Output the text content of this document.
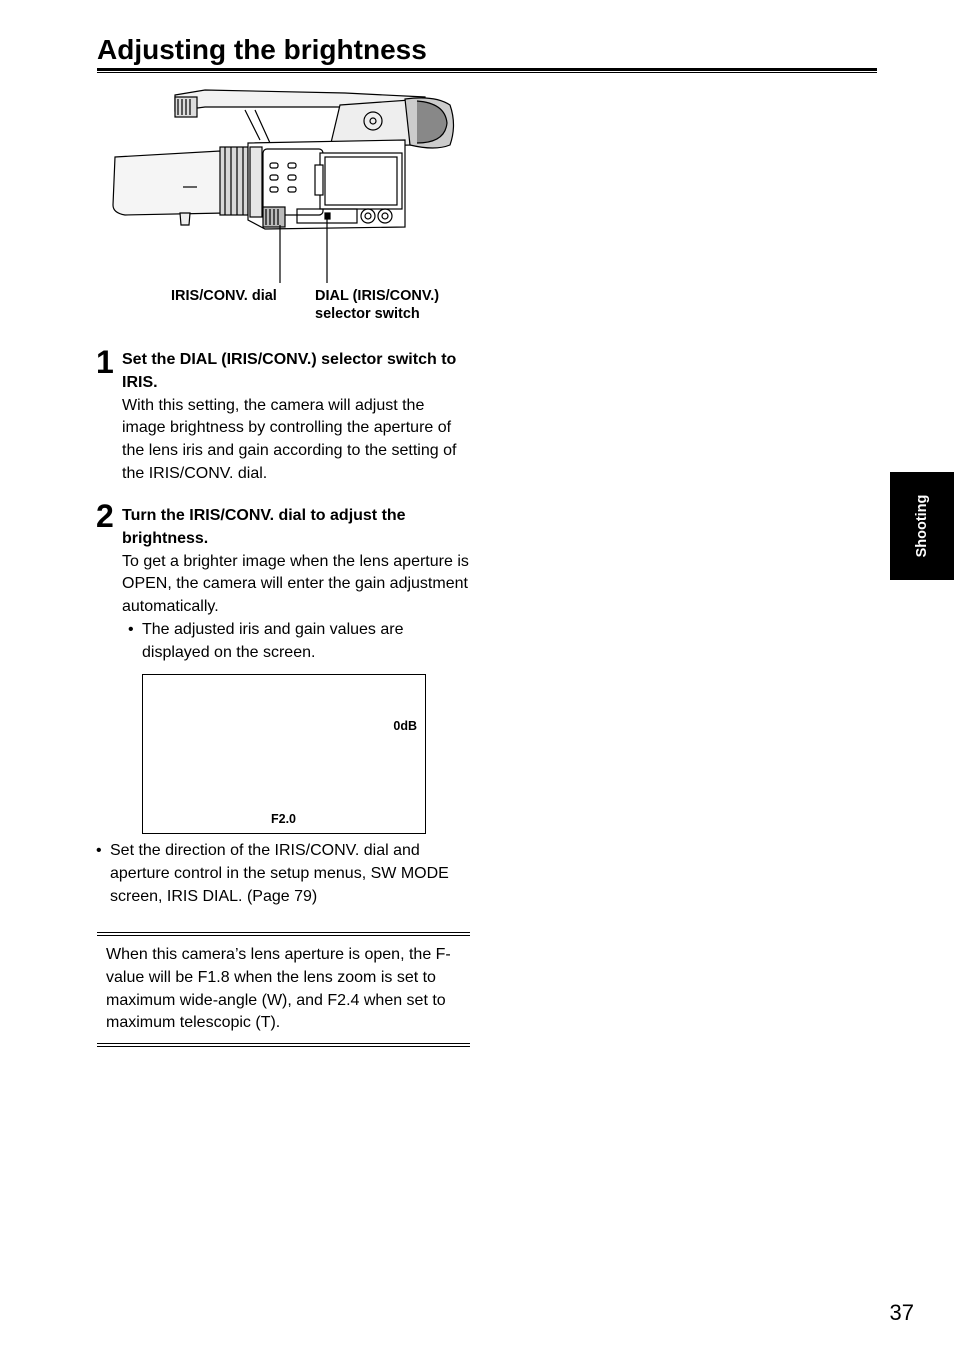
Adjusting the brightness
IRIS/CONV. dial	DIAL (IRIS/CONV.)
selector switch
1 Set the DIAL (IRIS/CONV.) selector switch to IRIS.
With this setting, the camera will adjust the image brightness by controlling the aperture of the lens iris and gain according to the setting of the IRIS/CONV. dial.
2 Turn the IRIS/CONV. dial to adjust the brightness.
To get a brighter image when the lens aperture is OPEN, the camera will enter the gain adjustment automatically.
• The adjusted iris and gain values are displayed on the screen.
0dB
F2.0
• Set the direction of the IRIS/CONV. dial and aperture control in the setup menus, SW MODE screen, IRIS DIAL. (Page 79)
When this camera’s lens aperture is open, the F-value will be F1.8 when the lens zoom is set to maximum wide-angle (W), and F2.4 when set to maximum telescopic (T).
Shooting
37
